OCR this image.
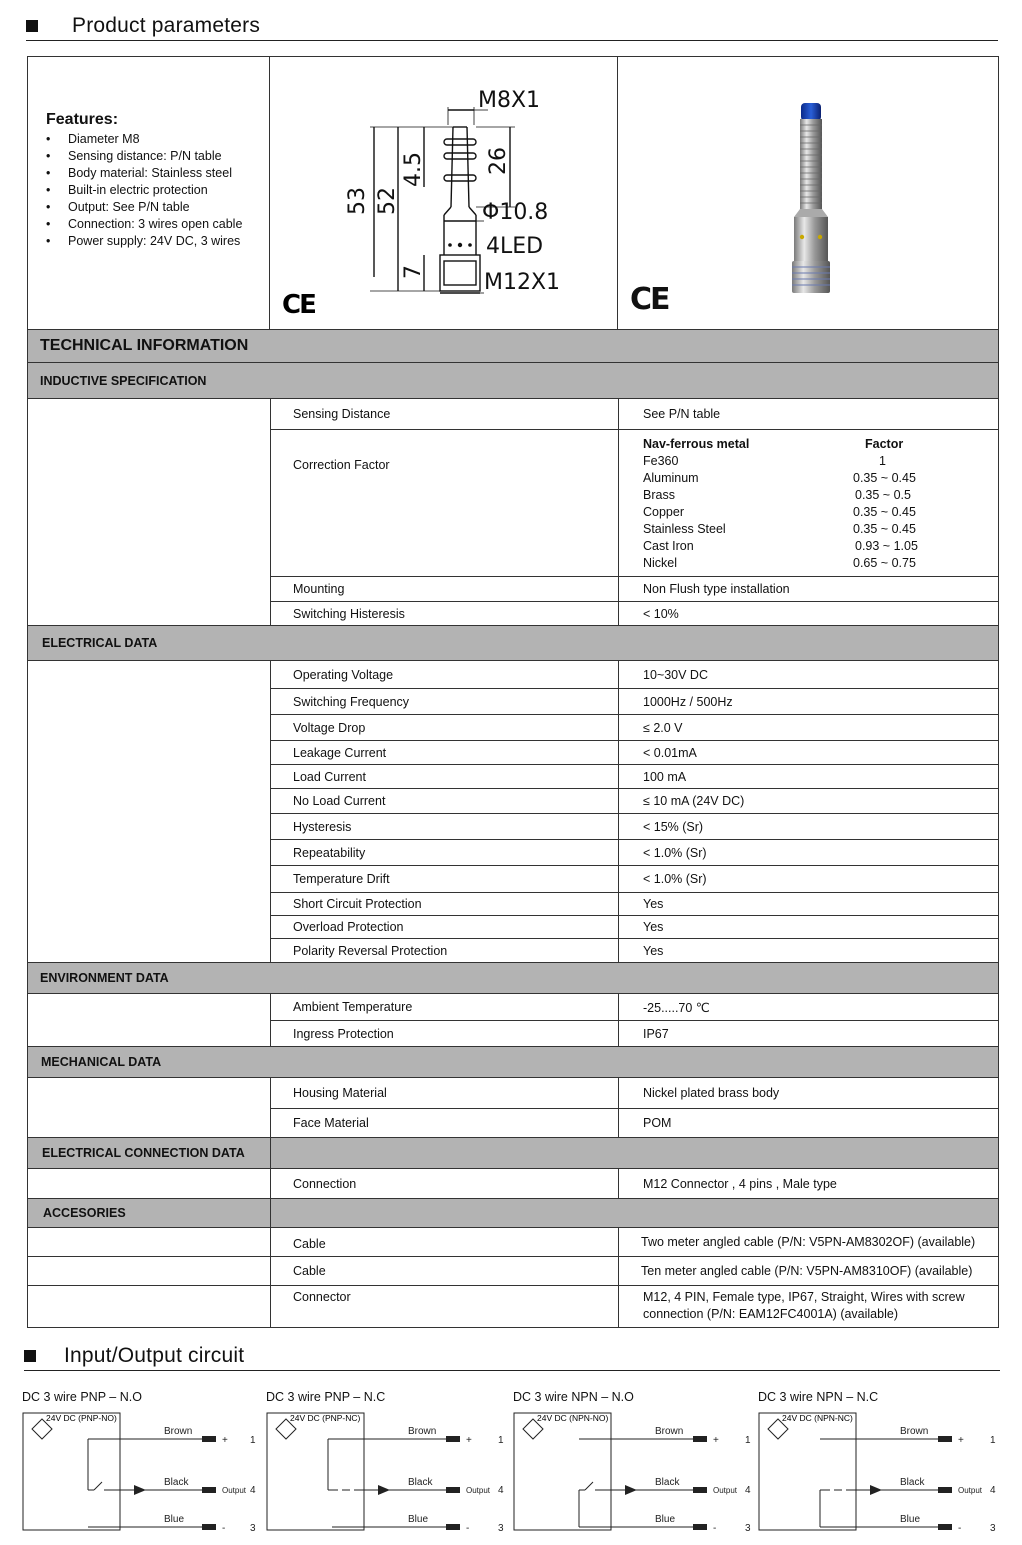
Product parameters
Features:
•	Diameter M8
•	Sensing distance: P/N table
•	Body material: Stainless steel
•	Built-in electric protection
•	Output: See P/N table
•	Connection: 3 wires open cable
•	Power supply: 24V DC, 3 wires
M8X1
53 52
4.5	26
7
Φ10.8
4LED
M12X1
CE	CE
TECHNICAL INFORMATION
INDUCTIVE SPECIFICATION
Sensing Distance	See P/N table
Correction Factor
Nav-ferrous metal	Factor
Fe360	1
Aluminum	0.35 ~ 0.45
Brass	0.35 ~ 0.5
Copper	0.35 ~ 0.45
Stainless Steel	0.35 ~ 0.45
Cast Iron	0.93 ~ 1.05
Nickel	0.65 ~ 0.75
Mounting	Non Flush type installation
Switching Histeresis	< 10%
ELECTRICAL DATA
Operating Voltage	10~30V DC
Switching Frequency	1000Hz / 500Hz
Voltage Drop	≤ 2.0 V
Leakage Current	< 0.01mA
Load Current	100 mA
No Load Current	≤ 10 mA (24V DC)
Hysteresis	< 15% (Sr)
Repeatability	< 1.0% (Sr)
Temperature Drift	< 1.0% (Sr)
Short Circuit Protection	Yes
Overload Protection	Yes
Polarity Reversal Protection	Yes
ENVIRONMENT DATA
Ambient Temperature	-25.....70 ℃
Ingress Protection	IP67
MECHANICAL DATA
Housing Material	Nickel plated brass body
Face Material	POM
ELECTRICAL CONNECTION DATA
Connection	M12 Connector , 4 pins , Male type
ACCESORIES
Cable	Two meter angled cable (P/N: V5PN-AM8302OF) (available)
Cable	Ten meter angled cable (P/N: V5PN-AM8310OF) (available)
Connector	M12, 4 PIN, Female type, IP67, Straight, Wires with screw connection (P/N: EAM12FC4001A) (available)
Input/Output circuit
DC 3 wire PNP – N.O
24V DC (PNP-NO)
Brown
Black
Blue
+
-
Output
1
4
3
DC 3 wire PNP – N.C
24V DC (PNP-NC)
Brown
Black
Blue
+
-
Output
1
4
3
DC 3 wire NPN – N.O
24V DC (NPN-NO)
Brown
Black
Blue
+
-
Output
1
4
3
DC 3 wire NPN – N.C
24V DC (NPN-NC)
Brown
Black
Blue
+
-
Output
1
4
3
